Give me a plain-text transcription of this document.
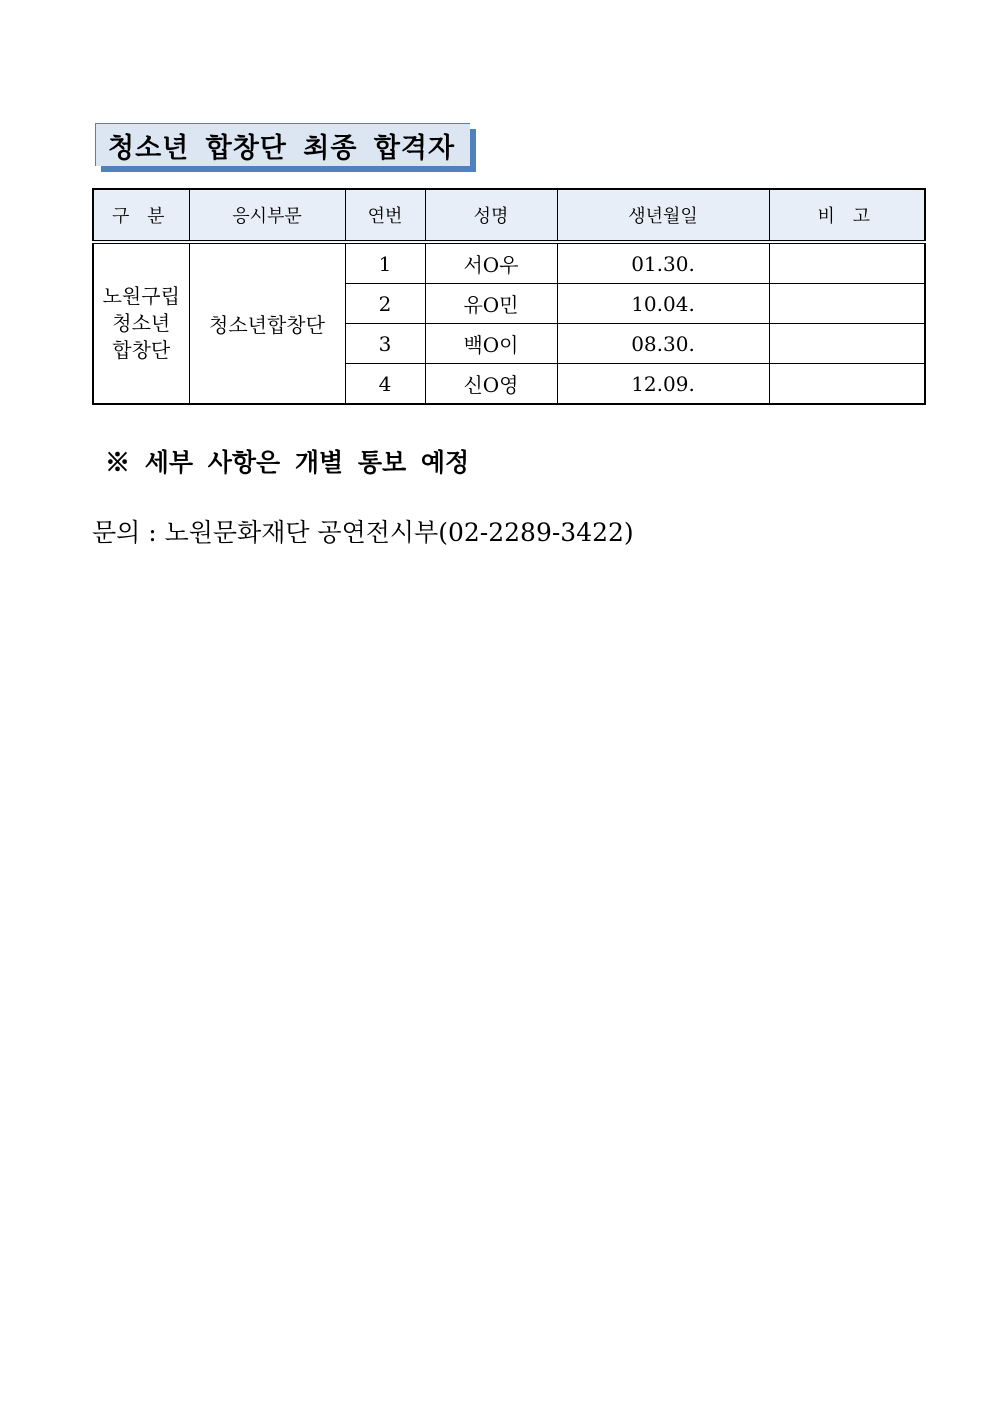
청소년 합창단 최종 합격자
구 분	응시부문	연번	성명	생년월일	비 고
노원구립
청소년
합창단	청소년합창단	1	서O우	01.30.	
		2	유O민	10.04.	
		3	백O이	08.30.	
		4	신O영	12.09.	
※ 세부 사항은 개별 통보 예정
문의 : 노원문화재단 공연전시부(02-2289-3422)
